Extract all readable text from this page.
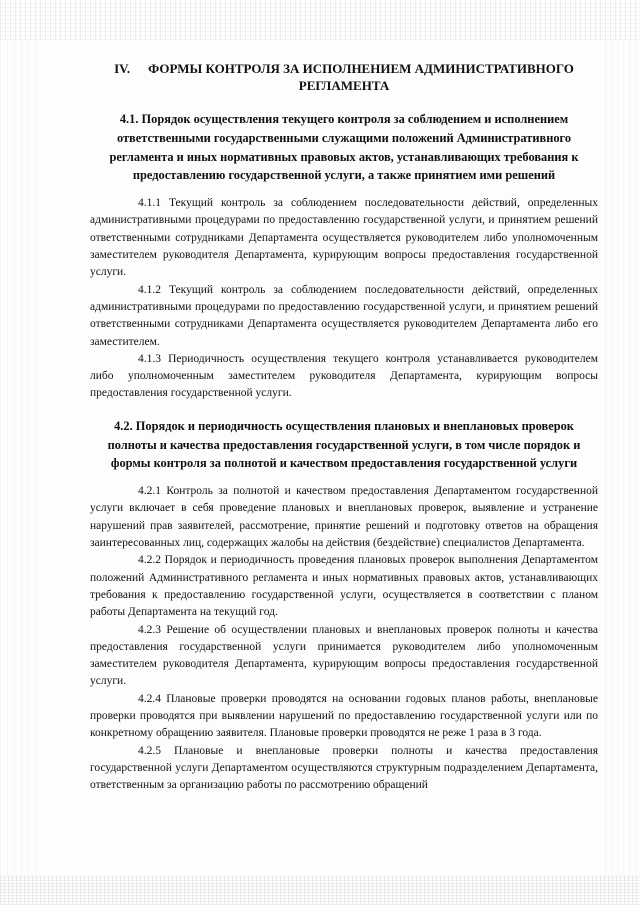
IV. ФОРМЫ КОНТРОЛЯ ЗА ИСПОЛНЕНИЕМ АДМИНИСТРАТИВНОГО
РЕГЛАМЕНТА
4.1. Порядок осуществления текущего контроля за соблюдением и исполнением ответственными государственными служащими положений Административного регламента и иных нормативных правовых актов, устанавливающих требования к предоставлению государственной услуги, а также принятием ими решений

4.1.1 Текущий контроль за соблюдением последовательности действий, определенных административными процедурами по предоставлению государственной услуги, и принятием решений ответственными сотрудниками Департамента осуществляется руководителем либо уполномоченным заместителем руководителя Департамента, курирующим вопросы предоставления государственной услуги.

4.1.2 Текущий контроль за соблюдением последовательности действий, определенных административными процедурами по предоставлению государственной услуги, и принятием решений ответственными сотрудниками Департамента осуществляется руководителем Департамента либо его заместителем.

4.1.3 Периодичность осуществления текущего контроля устанавливается руководителем либо уполномоченным заместителем руководителя Департамента, курирующим вопросы предоставления государственной услуги.

4.2. Порядок и периодичность осуществления плановых и внеплановых проверок полноты и качества предоставления государственной услуги, в том числе порядок и формы контроля за полнотой и качеством предоставления государственной услуги

4.2.1 Контроль за полнотой и качеством предоставления Департаментом государственной услуги включает в себя проведение плановых и внеплановых проверок, выявление и устранение нарушений прав заявителей, рассмотрение, принятие решений и подготовку ответов на обращения заинтересованных лиц, содержащих жалобы на действия (бездействие) специалистов Департамента.

4.2.2 Порядок и периодичность проведения плановых проверок выполнения Департаментом положений Административного регламента и иных нормативных правовых актов, устанавливающих требования к предоставлению государственной услуги, осуществляется в соответствии с планом работы Департамента на текущий год.

4.2.3 Решение об осуществлении плановых и внеплановых проверок полноты и качества предоставления государственной услуги принимается руководителем либо уполномоченным заместителем руководителя Департамента, курирующим вопросы предоставления государственной услуги.

4.2.4 Плановые проверки проводятся на основании годовых планов работы, внеплановые проверки проводятся при выявлении нарушений по предоставлению государственной услуги или по конкретному обращению заявителя. Плановые проверки проводятся не реже 1 раза в 3 года.

4.2.5 Плановые и внеплановые проверки полноты и качества предоставления государственной услуги Департаментом осуществляются структурным подразделением Департамента, ответственным за организацию работы по рассмотрению обращений
